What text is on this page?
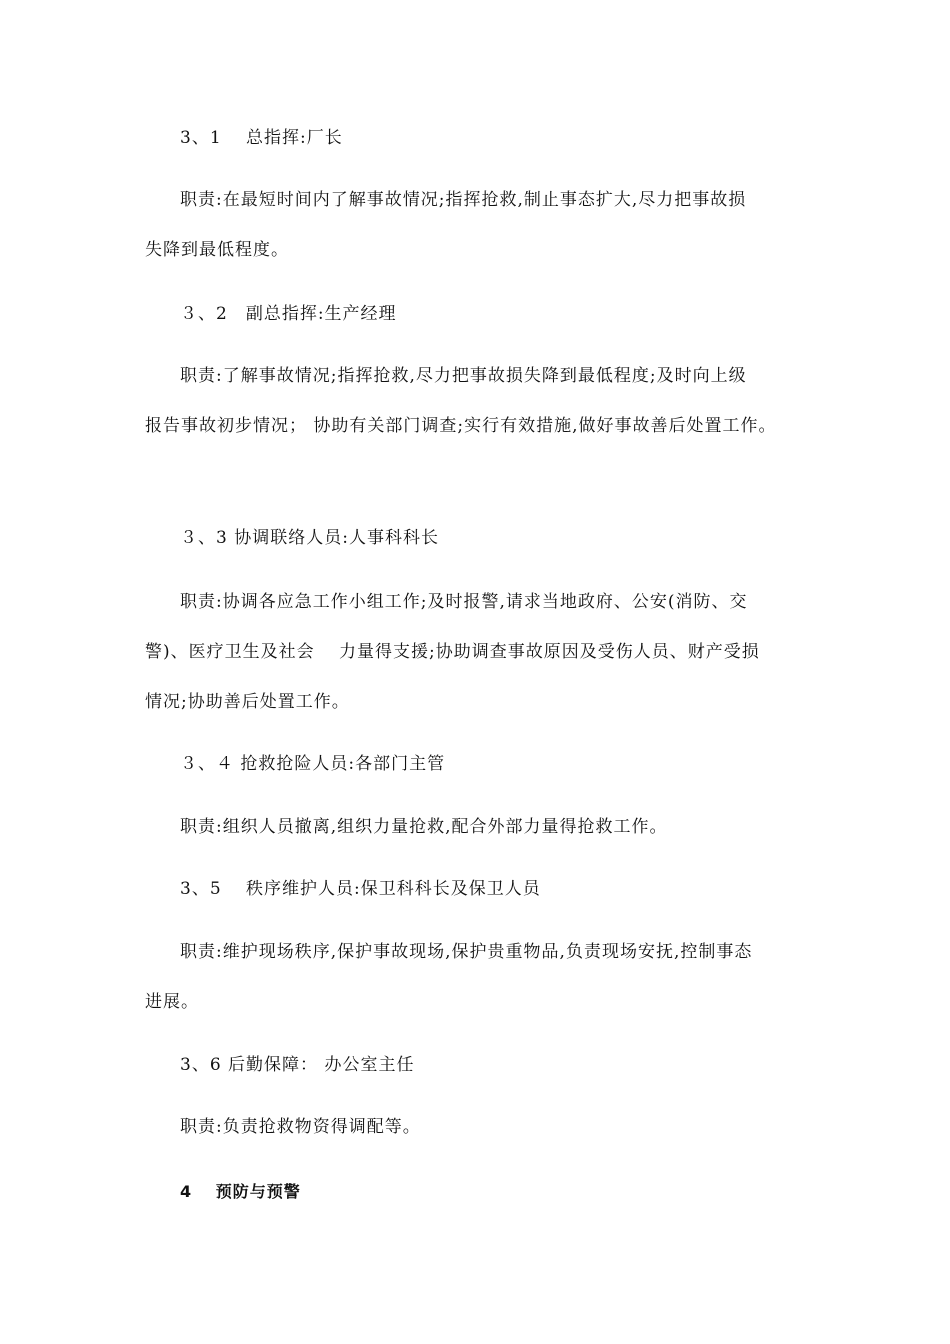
3、1　 总指挥:厂长
职责:在最短时间内了解事故情况;指挥抢救,制止事态扩大,尽力把事故损
失降到最低程度。
３、2　副总指挥:生产经理
职责:了解事故情况;指挥抢救,尽力把事故损失降到最低程度;及时向上级
报告事故初步情况； 协助有关部门调查;实行有效措施,做好事故善后处置工作。
３、3 协调联络人员:人事科科长
职责:协调各应急工作小组工作;及时报警,请求当地政府、公安(消防、交
警)、医疗卫生及社会　 力量得支援;协助调查事故原因及受伤人员、财产受损
情况;协助善后处置工作。
３、４ 抢救抢险人员:各部门主管
职责:组织人员撤离,组织力量抢救,配合外部力量得抢救工作。
3、5　 秩序维护人员:保卫科科长及保卫人员
职责:维护现场秩序,保护事故现场,保护贵重物品,负责现场安抚,控制事态
进展。
3、6 后勤保障： 办公室主任
职责:负责抢救物资得调配等。
4　 预防与预警
